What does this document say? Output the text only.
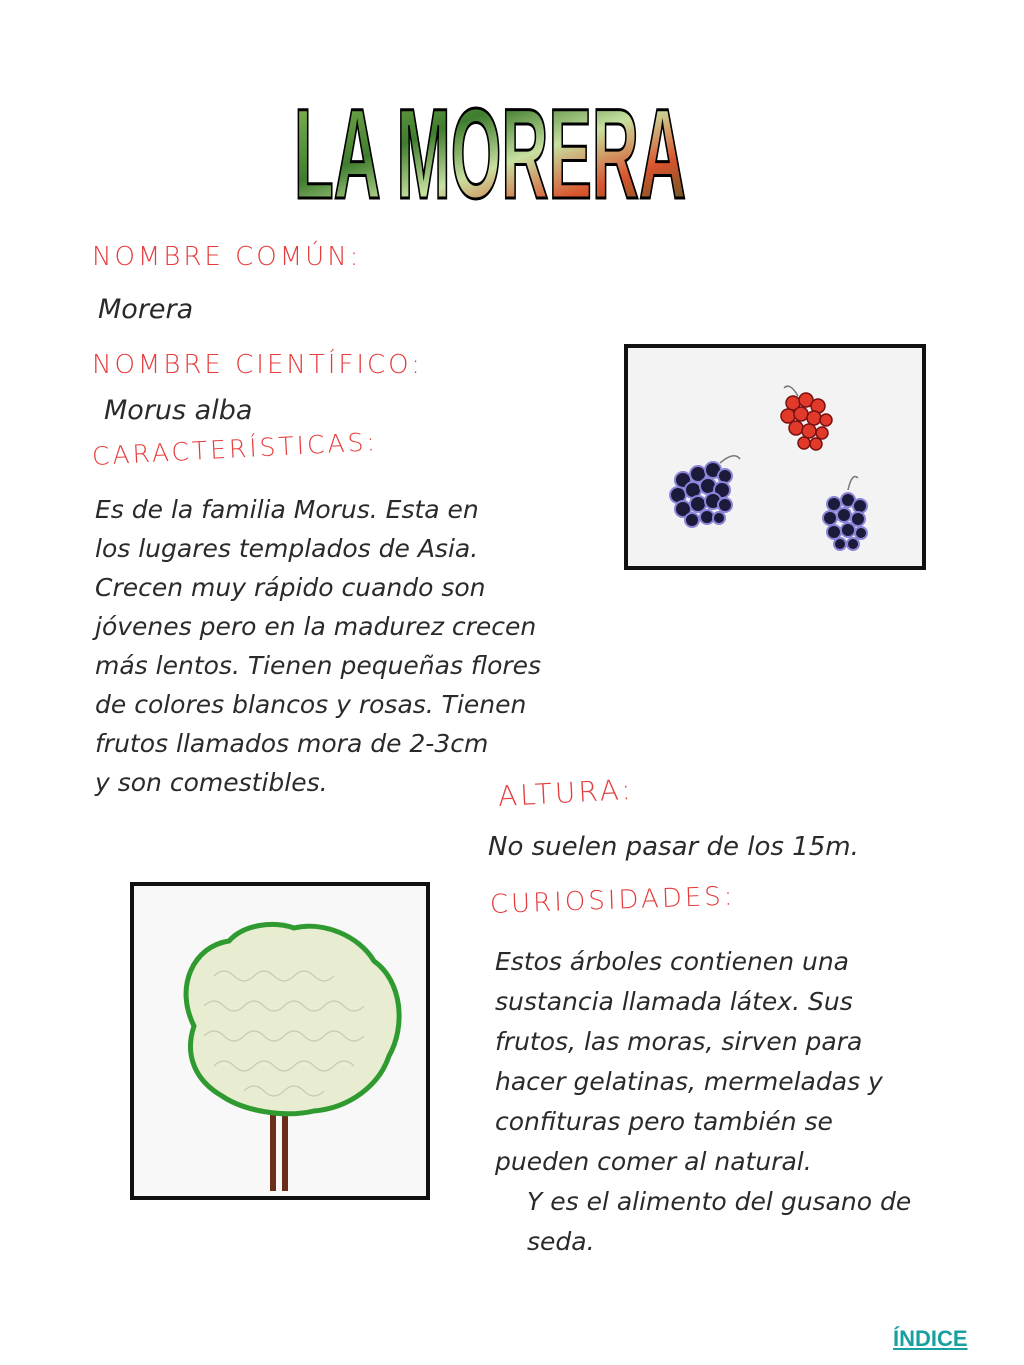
LA MORERA
NOMBRE COMÚN:
Morera
NOMBRE CIENTÍFICO:
Morus alba
CARACTERÍSTICAS:
Es de la familia Morus. Esta en
los lugares templados de Asia.
Crecen muy rápido cuando son
jóvenes pero en la madurez crecen
más lentos. Tienen pequeñas flores
de colores blancos y rosas. Tienen
frutos llamados mora de 2-3cm
y son comestibles.	ALTURA:
No suelen pasar de los 15m.
CURIOSIDADES:
Estos árboles contienen una
sustancia llamada látex. Sus
frutos, las moras, sirven para
hacer gelatinas, mermeladas y
confituras pero también se
pueden comer al natural.
Y es el alimento del gusano de
seda.
ÍNDICE
